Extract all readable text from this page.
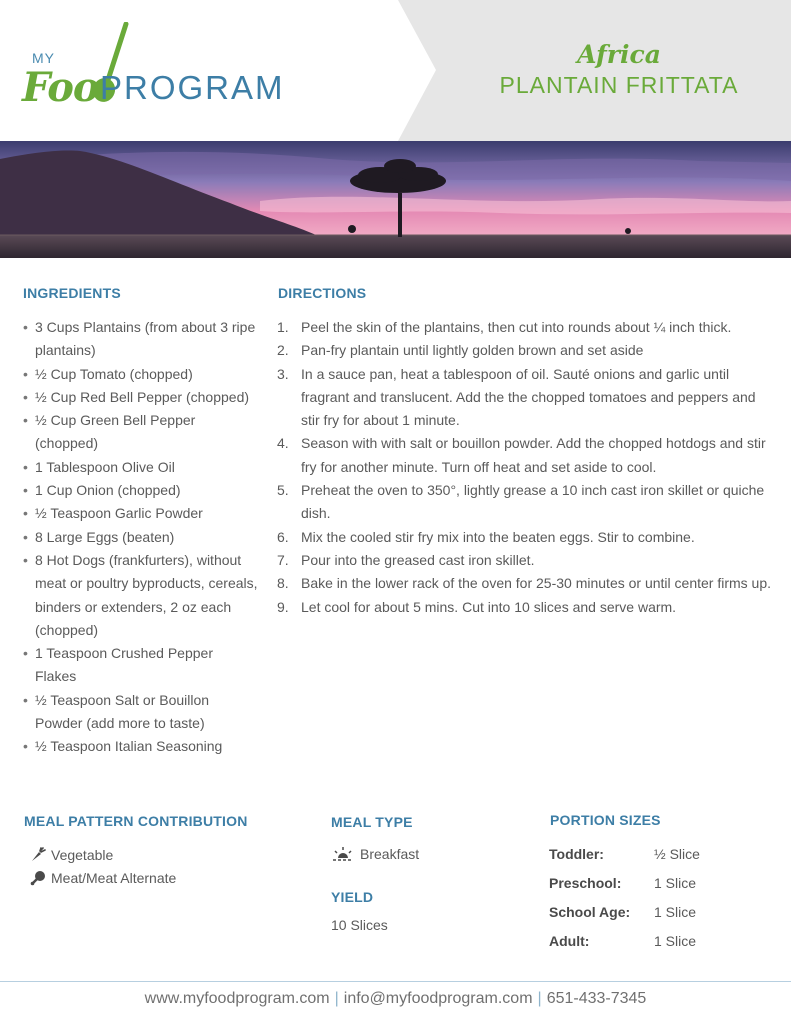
MY
Foo PROGRAM
Africa
PLANTAIN FRITTATA
INGREDIENTS
• 3 Cups Plantains (from about 3 ripe plantains)
• ½ Cup Tomato (chopped)
• ½ Cup Red Bell Pepper (chopped)
• ½ Cup Green Bell Pepper (chopped)
• 1 Tablespoon Olive Oil
• 1 Cup Onion (chopped)
• ½ Teaspoon Garlic Powder
• 8 Large Eggs (beaten)
• 8 Hot Dogs (frankfurters), without meat or poultry byproducts, cereals, binders or extenders, 2 oz each (chopped)
• 1 Teaspoon Crushed Pepper Flakes
• ½ Teaspoon Salt or Bouillon Powder (add more to taste)
• ½ Teaspoon Italian Seasoning
DIRECTIONS
1. Peel the skin of the plantains, then cut into rounds about ¼ inch thick.
2. Pan-fry plantain until lightly golden brown and set aside
3. In a sauce pan, heat a tablespoon of oil. Sauté onions and garlic until fragrant and translucent. Add the the chopped tomatoes and peppers and stir fry for about 1 minute.
4. Season with with salt or bouillon powder. Add the chopped hotdogs and stir fry for another minute. Turn off heat and set aside to cool.
5. Preheat the oven to 350°, lightly grease a 10 inch cast iron skillet or quiche dish.
6. Mix the cooled stir fry mix into the beaten eggs. Stir to combine.
7. Pour into the greased cast iron skillet.
8. Bake in the lower rack of the oven for 25-30 minutes or until center firms up.
9. Let cool for about 5 mins. Cut into 10 slices and serve warm.
MEAL PATTERN CONTRIBUTION
Vegetable
Meat/Meat Alternate
MEAL TYPE
Breakfast
YIELD
10 Slices
PORTION SIZES
Toddler:	½ Slice
Preschool: 1 Slice
School Age: 1 Slice
Adult:	1 Slice
www.myfoodprogram.com | info@myfoodprogram.com | 651-433-7345
